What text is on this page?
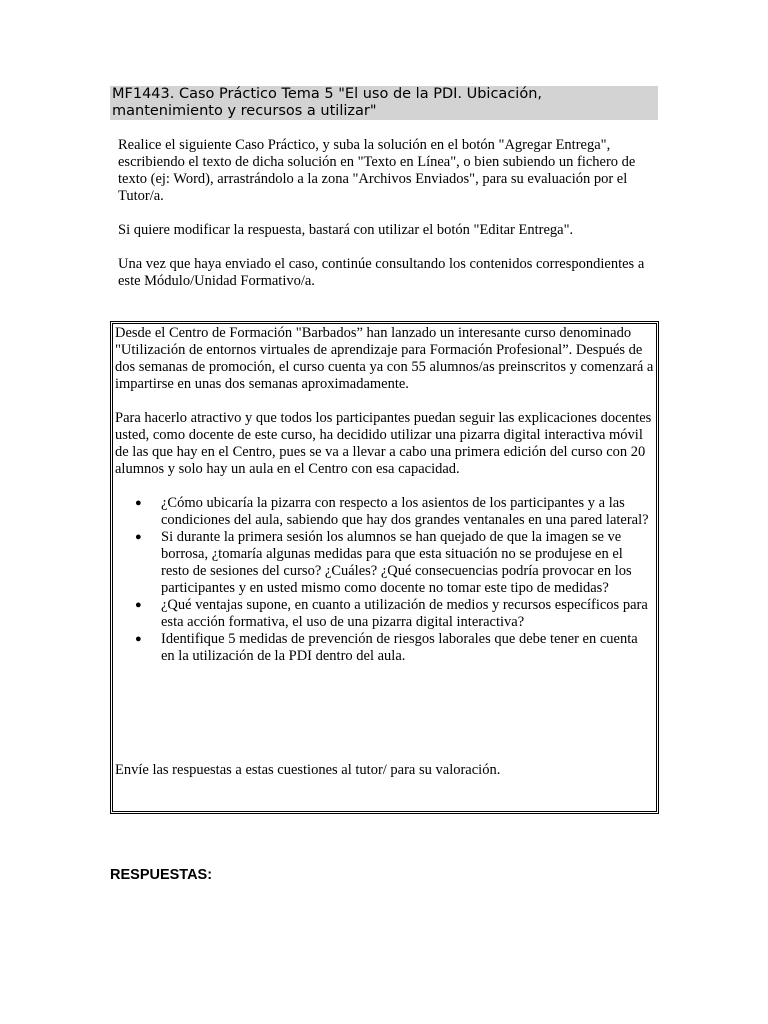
MF1443. Caso Práctico Tema 5 "El uso de la PDI. Ubicación, mantenimiento y recursos a utilizar"

Realice el siguiente Caso Práctico, y suba la solución en el botón "Agregar Entrega", escribiendo el texto de dicha solución en "Texto en Línea", o bien subiendo un fichero de texto (ej: Word), arrastrándolo a la zona "Archivos Enviados", para su evaluación por el Tutor/a.

Si quiere modificar la respuesta, bastará con utilizar el botón "Editar Entrega".

Una vez que haya enviado el caso, continúe consultando los contenidos correspondientes a este Módulo/Unidad Formativo/a.

Desde el Centro de Formación "Barbados” han lanzado un interesante curso denominado "Utilización de entornos virtuales de aprendizaje para Formación Profesional”. Después de dos semanas de promoción, el curso cuenta ya con 55 alumnos/as preinscritos y comenzará a impartirse en unas dos semanas aproximadamente.

Para hacerlo atractivo y que todos los participantes puedan seguir las explicaciones docentes usted, como docente de este curso, ha decidido utilizar una pizarra digital interactiva móvil de las que hay en el Centro, pues se va a llevar a cabo una primera edición del curso con 20 alumnos y solo hay un aula en el Centro con esa capacidad.

● ¿Cómo ubicaría la pizarra con respecto a los asientos de los participantes y a las condiciones del aula, sabiendo que hay dos grandes ventanales en una pared lateral?
● Si durante la primera sesión los alumnos se han quejado de que la imagen se ve borrosa, ¿tomaría algunas medidas para que esta situación no se produjese en el resto de sesiones del curso? ¿Cuáles? ¿Qué consecuencias podría provocar en los participantes y en usted mismo como docente no tomar este tipo de medidas?
● ¿Qué ventajas supone, en cuanto a utilización de medios y recursos específicos para esta acción formativa, el uso de una pizarra digital interactiva?
● Identifique 5 medidas de prevención de riesgos laborales que debe tener en cuenta en la utilización de la PDI dentro del aula.
Envíe las respuestas a estas cuestiones al tutor/ para su valoración.
RESPUESTAS:
